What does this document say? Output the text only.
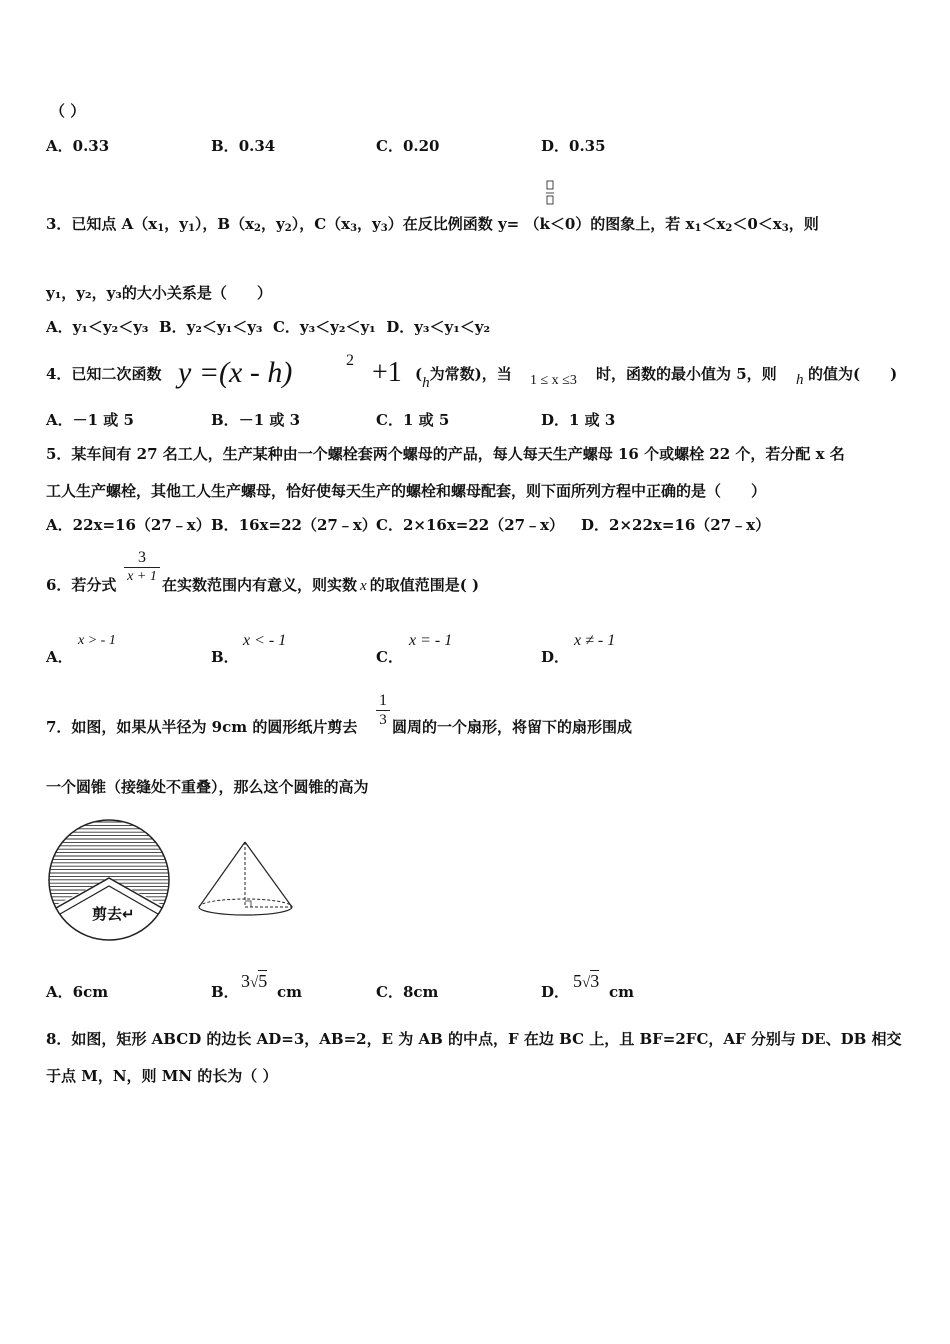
（ ）
A．0.33	B．0.34	C．0.20	D．0.35
3．已知点 $A(x_1$，$y_1$），$B(x_2$，$y_2$），$C(x_3$，$y_3$）在反比例函数 y= （k＜0）的图象上，若 $x_1<x_2<0<x_3$，则
y₁，y₂，y₃的大小关系是（　　）
A．y₁＜y₂＜y₃ B．y₂＜y₁＜y₃ C．y₃＜y₂＜y₁ D．y₃＜y₁＜y₂
4．已知二次函数 y =(x - h)	2 +1 (h为常数)，当 1 ≤ x ≤3 时，函数的最小值为 5，则 h 的值为(　　)
A．－1 或 5	B．－1 或 3	C．1 或 5	D．1 或 3
5．某车间有 27 名工人，生产某种由一个螺栓套两个螺母的产品，每人每天生产螺母 16 个或螺栓 22 个，若分配 x 名
工人生产螺栓，其他工人生产螺母，恰好使每天生产的螺栓和螺母配套，则下面所列方程中正确的是（　　）
A．22x=16（27﹣x） B．16x=22（27﹣x） C．2×16x=22（27﹣x） D．2×22x=16（27﹣x）
6．若分式
3
x + 1 在实数范围内有意义，则实数 x 的取值范围是( )
A．
x > - 1
B．
x < - 1
C．
x = - 1
D．
x ≠ - 1
7．如图，如果从半径为 9cm 的圆形纸片剪去
1
3 圆周的一个扇形，将留下的扇形围成
一个圆锥（接缝处不重叠），那么这个圆锥的高为
剪去↵
A．6cm	B．
3√5
cm	C．8cm	D．
5√3
cm
8．如图，矩形 ABCD 的边长 AD=3，AB=2，E 为 AB 的中点，F 在边 BC 上，且 BF=2FC，AF 分别与 DE、DB 相交
于点 M，N，则 MN 的长为（ ）
